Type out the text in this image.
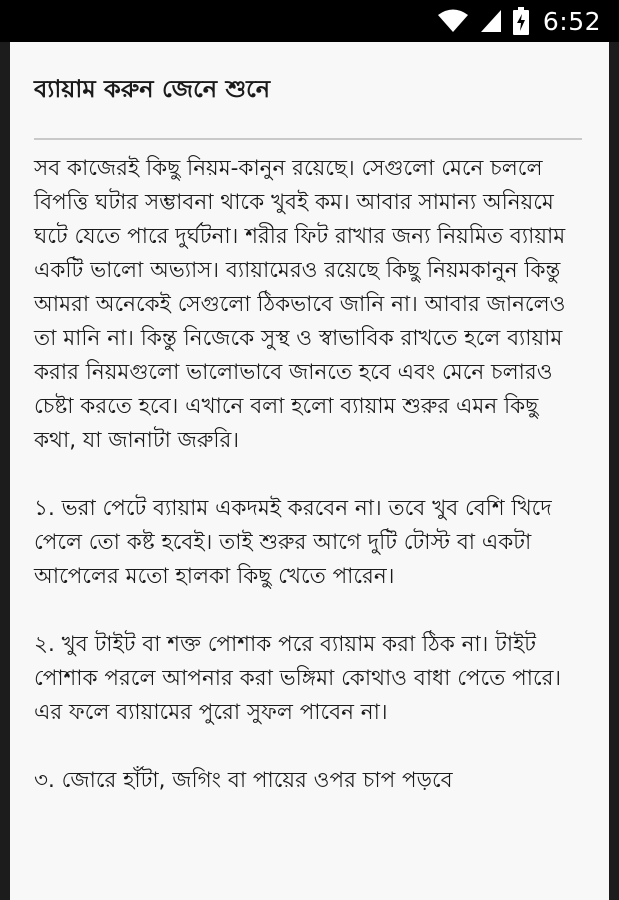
6:52
ব্যায়াম করুন জেনে শুনে

সব কাজেরই কিছু নিয়ম-কানুন রয়েছে। সেগুলো মেনে চললে বিপত্তি ঘটার সম্ভাবনা থাকে খুবই কম। আবার সামান্য অনিয়মে ঘটে যেতে পারে দুর্ঘটনা। শরীর ফিট রাখার জন্য নিয়মিত ব্যায়াম একটি ভালো অভ্যাস। ব্যায়ামেরও রয়েছে কিছু নিয়মকানুন কিন্তু আমরা অনেকেই সেগুলো ঠিকভাবে জানি না। আবার জানলেও তা মানি না। কিন্তু নিজেকে সুস্থ ও স্বাভাবিক রাখতে হলে ব্যায়াম করার নিয়মগুলো ভালোভাবে জানতে হবে এবং মেনে চলারও চেষ্টা করতে হবে। এখানে বলা হলো ব্যায়াম শুরুর এমন কিছু কথা, যা জানাটা জরুরি।

১. ভরা পেটে ব্যায়াম একদমই করবেন না। তবে খুব বেশি খিদে পেলে তো কষ্ট হবেই। তাই শুরুর আগে দুটি টোস্ট বা একটা আপেলের মতো হালকা কিছু খেতে পারেন।

২. খুব টাইট বা শক্ত পোশাক পরে ব্যায়াম করা ঠিক না। টাইট পোশাক পরলে আপনার করা ভঙ্গিমা কোথাও বাধা পেতে পারে। এর ফলে ব্যায়ামের পুরো সুফল পাবেন না।

৩. জোরে হাঁটা, জগিং বা পায়ের ওপর চাপ পড়বে
